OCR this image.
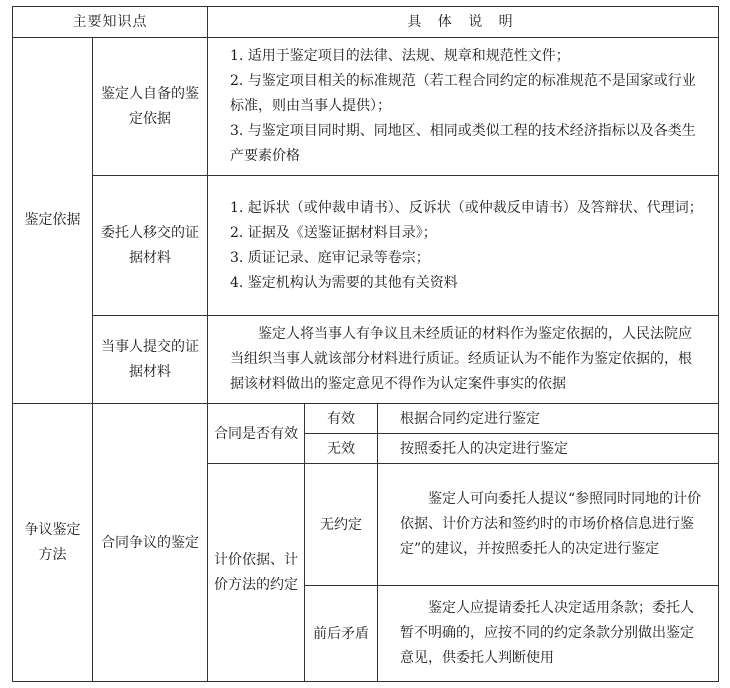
主要知识点		具 体 说 明		
鉴定依据	鉴定人自备的鉴定依据	1. 适用于鉴定项目的法律、法规、规章和规范性文件；

2. 与鉴定项目相关的标准规范（若工程合同约定的标准规范不是国家或行业标准，则由当事人提供）；

3. 与鉴定项目同时期、同地区、相同或类似工程的技术经济指标以及各类生产要素价格		

	委托人移交的证据材料	1. 起诉状（或仲裁申请书）、反诉状（或仲裁反申请书）及答辩状、代理词；

2. 证据及《送鉴证据材料目录》；

3. 质证记录、庭审记录等卷宗；

4. 鉴定机构认为需要的其他有关资料		

	当事人提交的证据材料	鉴定人将当事人有争议且未经质证的材料作为鉴定依据的，人民法院应当组织当事人就该部分材料进行质证。经质证认为不能作为鉴定依据的，根据该材料做出的鉴定意见不得作为认定案件事实的依据		
争议鉴定方法	合同争议的鉴定	合同是否有效	有效	根据合同约定进行鉴定
			无效	按照委托人的决定进行鉴定
		计价依据、计价方法的约定	无约定	鉴定人可向委托人提议“参照同时同地的计价依据、计价方法和签约时的市场价格信息进行鉴定”的建议，并按照委托人的决定进行鉴定
			前后矛盾	鉴定人应提请委托人决定适用条款；委托人暂不明确的，应按不同的约定条款分别做出鉴定意见，供委托人判断使用
